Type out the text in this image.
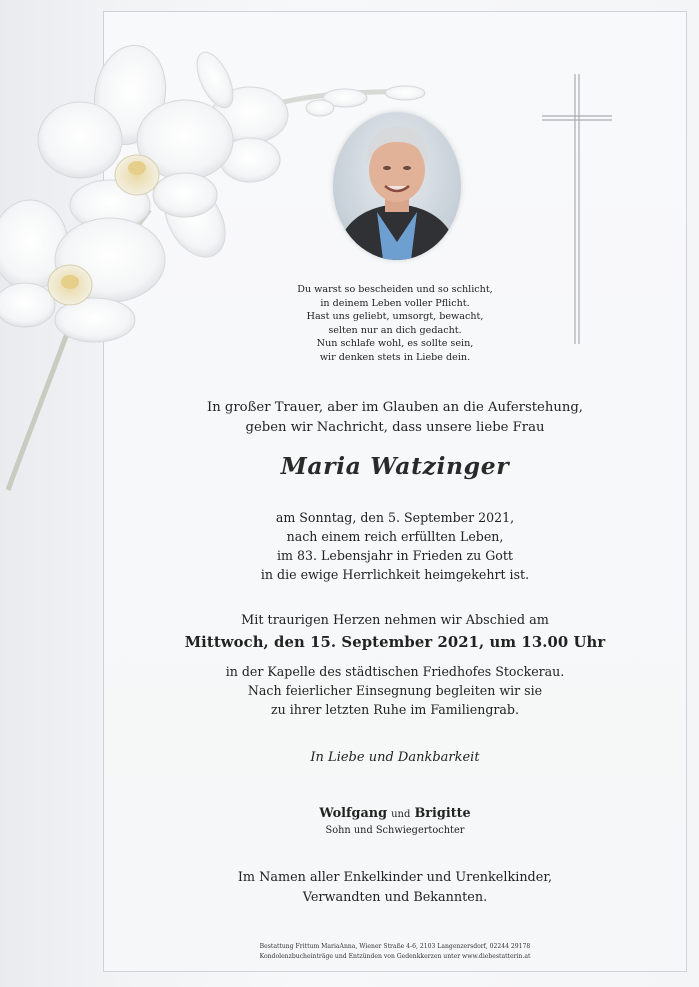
Du warst so bescheiden und so schlicht,
in deinem Leben voller Pflicht.
Hast uns geliebt, umsorgt, bewacht,
selten nur an dich gedacht.
Nun schlafe wohl, es sollte sein,
wir denken stets in Liebe dein.
In großer Trauer, aber im Glauben an die Auferstehung,
geben wir Nachricht, dass unsere liebe Frau
Maria Watzinger
am Sonntag, den 5. September 2021,
nach einem reich erfüllten Leben,
im 83. Lebensjahr in Frieden zu Gott
in die ewige Herrlichkeit heimgekehrt ist.
Mit traurigen Herzen nehmen wir Abschied am
Mittwoch, den 15. September 2021, um 13.00 Uhr
in der Kapelle des städtischen Friedhofes Stockerau.
Nach feierlicher Einsegnung begleiten wir sie
zu ihrer letzten Ruhe im Familiengrab.
In Liebe und Dankbarkeit
Wolfgang und Brigitte
Sohn und Schwiegertochter
Im Namen aller Enkelkinder und Urenkelkinder,
Verwandten und Bekannten.
Bestattung Frittum MariaAnna, Wiener Straße 4-6, 2103 Langenzersdorf, 02244 29178
Kondolenzbucheinträge und Entzünden von Gedenkkerzen unter www.diebestatterin.at
